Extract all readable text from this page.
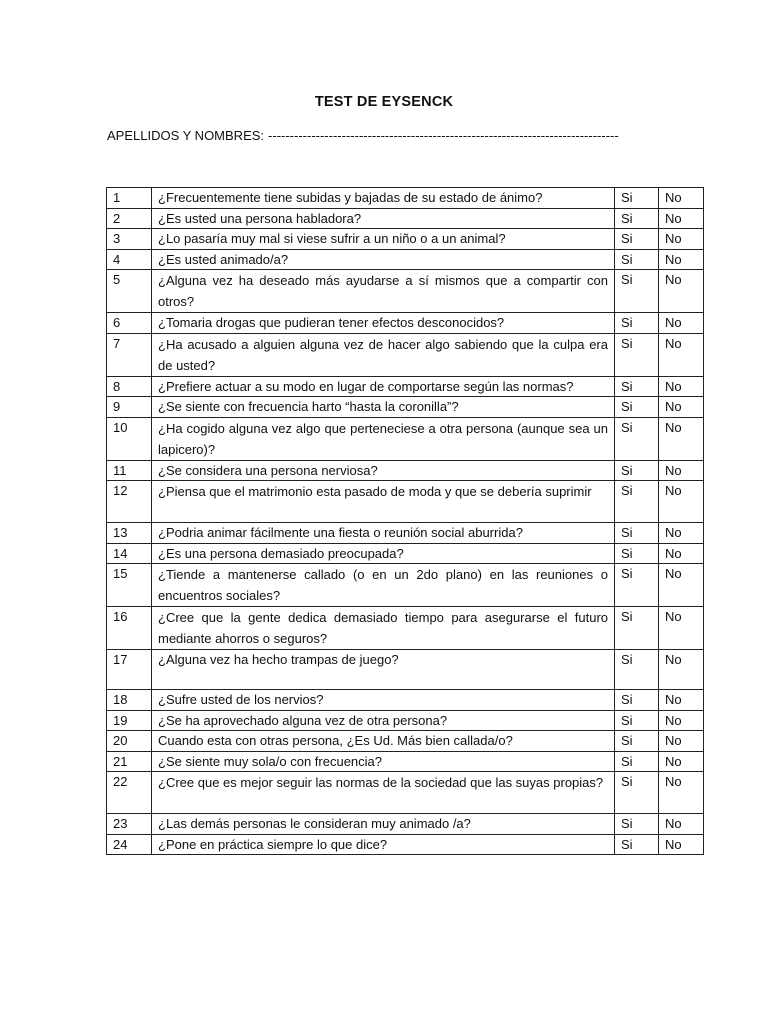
TEST DE EYSENCK
APELLIDOS Y NOMBRES: ---------------------------------------------------------------------------------
1	¿Frecuentemente tiene subidas y bajadas de su estado de ánimo?	Si	No
2	¿Es usted una persona habladora?	Si	No
3	¿Lo pasaría muy mal si viese sufrir a un niño o a un animal?	Si	No
4	¿Es usted animado/a?	Si	No
5	¿Alguna vez ha deseado más ayudarse a sí mismos que a compartir con otros?	Si	No
6	¿Tomaria drogas que pudieran tener efectos desconocidos?	Si	No
7	¿Ha acusado a alguien alguna vez de hacer algo sabiendo que la culpa era de usted?	Si	No
8	¿Prefiere actuar a su modo en lugar de comportarse según las normas?	Si	No
9	¿Se siente con frecuencia harto “hasta la coronilla”?	Si	No
10	¿Ha cogido alguna vez algo que perteneciese a otra persona (aunque sea un lapicero)?	Si	No
11	¿Se considera una persona nerviosa?	Si	No
12	¿Piensa que el matrimonio esta pasado de moda y que se debería suprimir	Si	No
13	¿Podria animar fácilmente una fiesta o reunión social aburrida?	Si	No
14	¿Es una persona demasiado preocupada?	Si	No
15	¿Tiende a mantenerse callado (o en un 2do plano) en las reuniones o encuentros sociales?	Si	No
16	¿Cree que la gente dedica demasiado tiempo para asegurarse el futuro mediante ahorros o seguros?	Si	No
17	¿Alguna vez ha hecho trampas de juego?	Si	No
18	¿Sufre usted de los nervios?	Si	No
19	¿Se ha aprovechado alguna vez de otra persona?	Si	No
20	Cuando esta con otras persona, ¿Es Ud. Más bien callada/o?	Si	No
21	¿Se siente muy sola/o con frecuencia?	Si	No
22	¿Cree que es mejor seguir las normas de la sociedad que las suyas propias?	Si	No
23	¿Las demás personas le consideran muy animado /a?	Si	No
24	¿Pone en práctica siempre lo que dice?	Si	No
